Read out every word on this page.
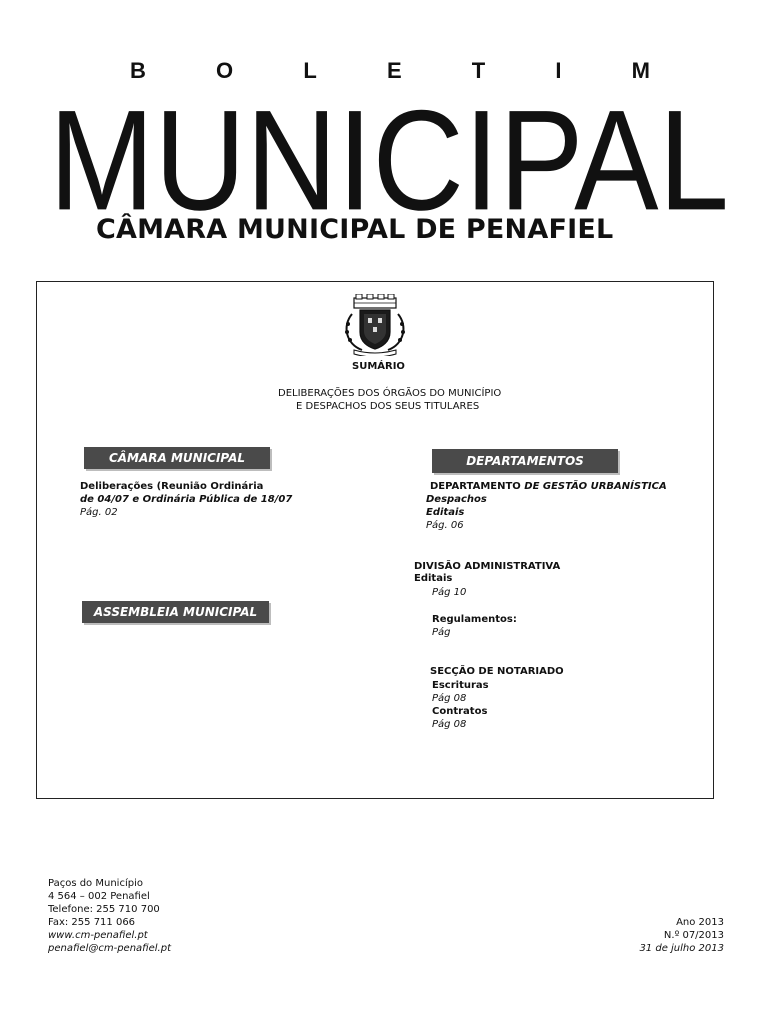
B	O	L	E	T	I	M
MUNICIPAL
CÂMARA MUNICIPAL DE PENAFIEL
SUMÁRIO
DELIBERAÇÕES DOS ÓRGÃOS DO MUNICÍPIO
E DESPACHOS DOS SEUS TITULARES
CÂMARA MUNICIPAL
Deliberações (Reunião Ordinária
de 04/07 e Ordinária Pública de 18/07
Pág. 02
ASSEMBLEIA MUNICIPAL
DEPARTAMENTOS
DEPARTAMENTO DE GESTÃO URBANÍSTICA
Despachos
Editais
Pág. 06
DIVISÃO ADMINISTRATIVA
Editais
Pág 10
Regulamentos:
Pág
SECÇÃO DE NOTARIADO
Escrituras
Pág 08
Contratos
Pág 08
Paços do Município
4 564 – 002 Penafiel
Telefone: 255 710 700
Fax: 255 711 066
www.cm-penafiel.pt
penafiel@cm-penafiel.pt
Ano 2013
N.º 07/2013
31 de julho 2013
